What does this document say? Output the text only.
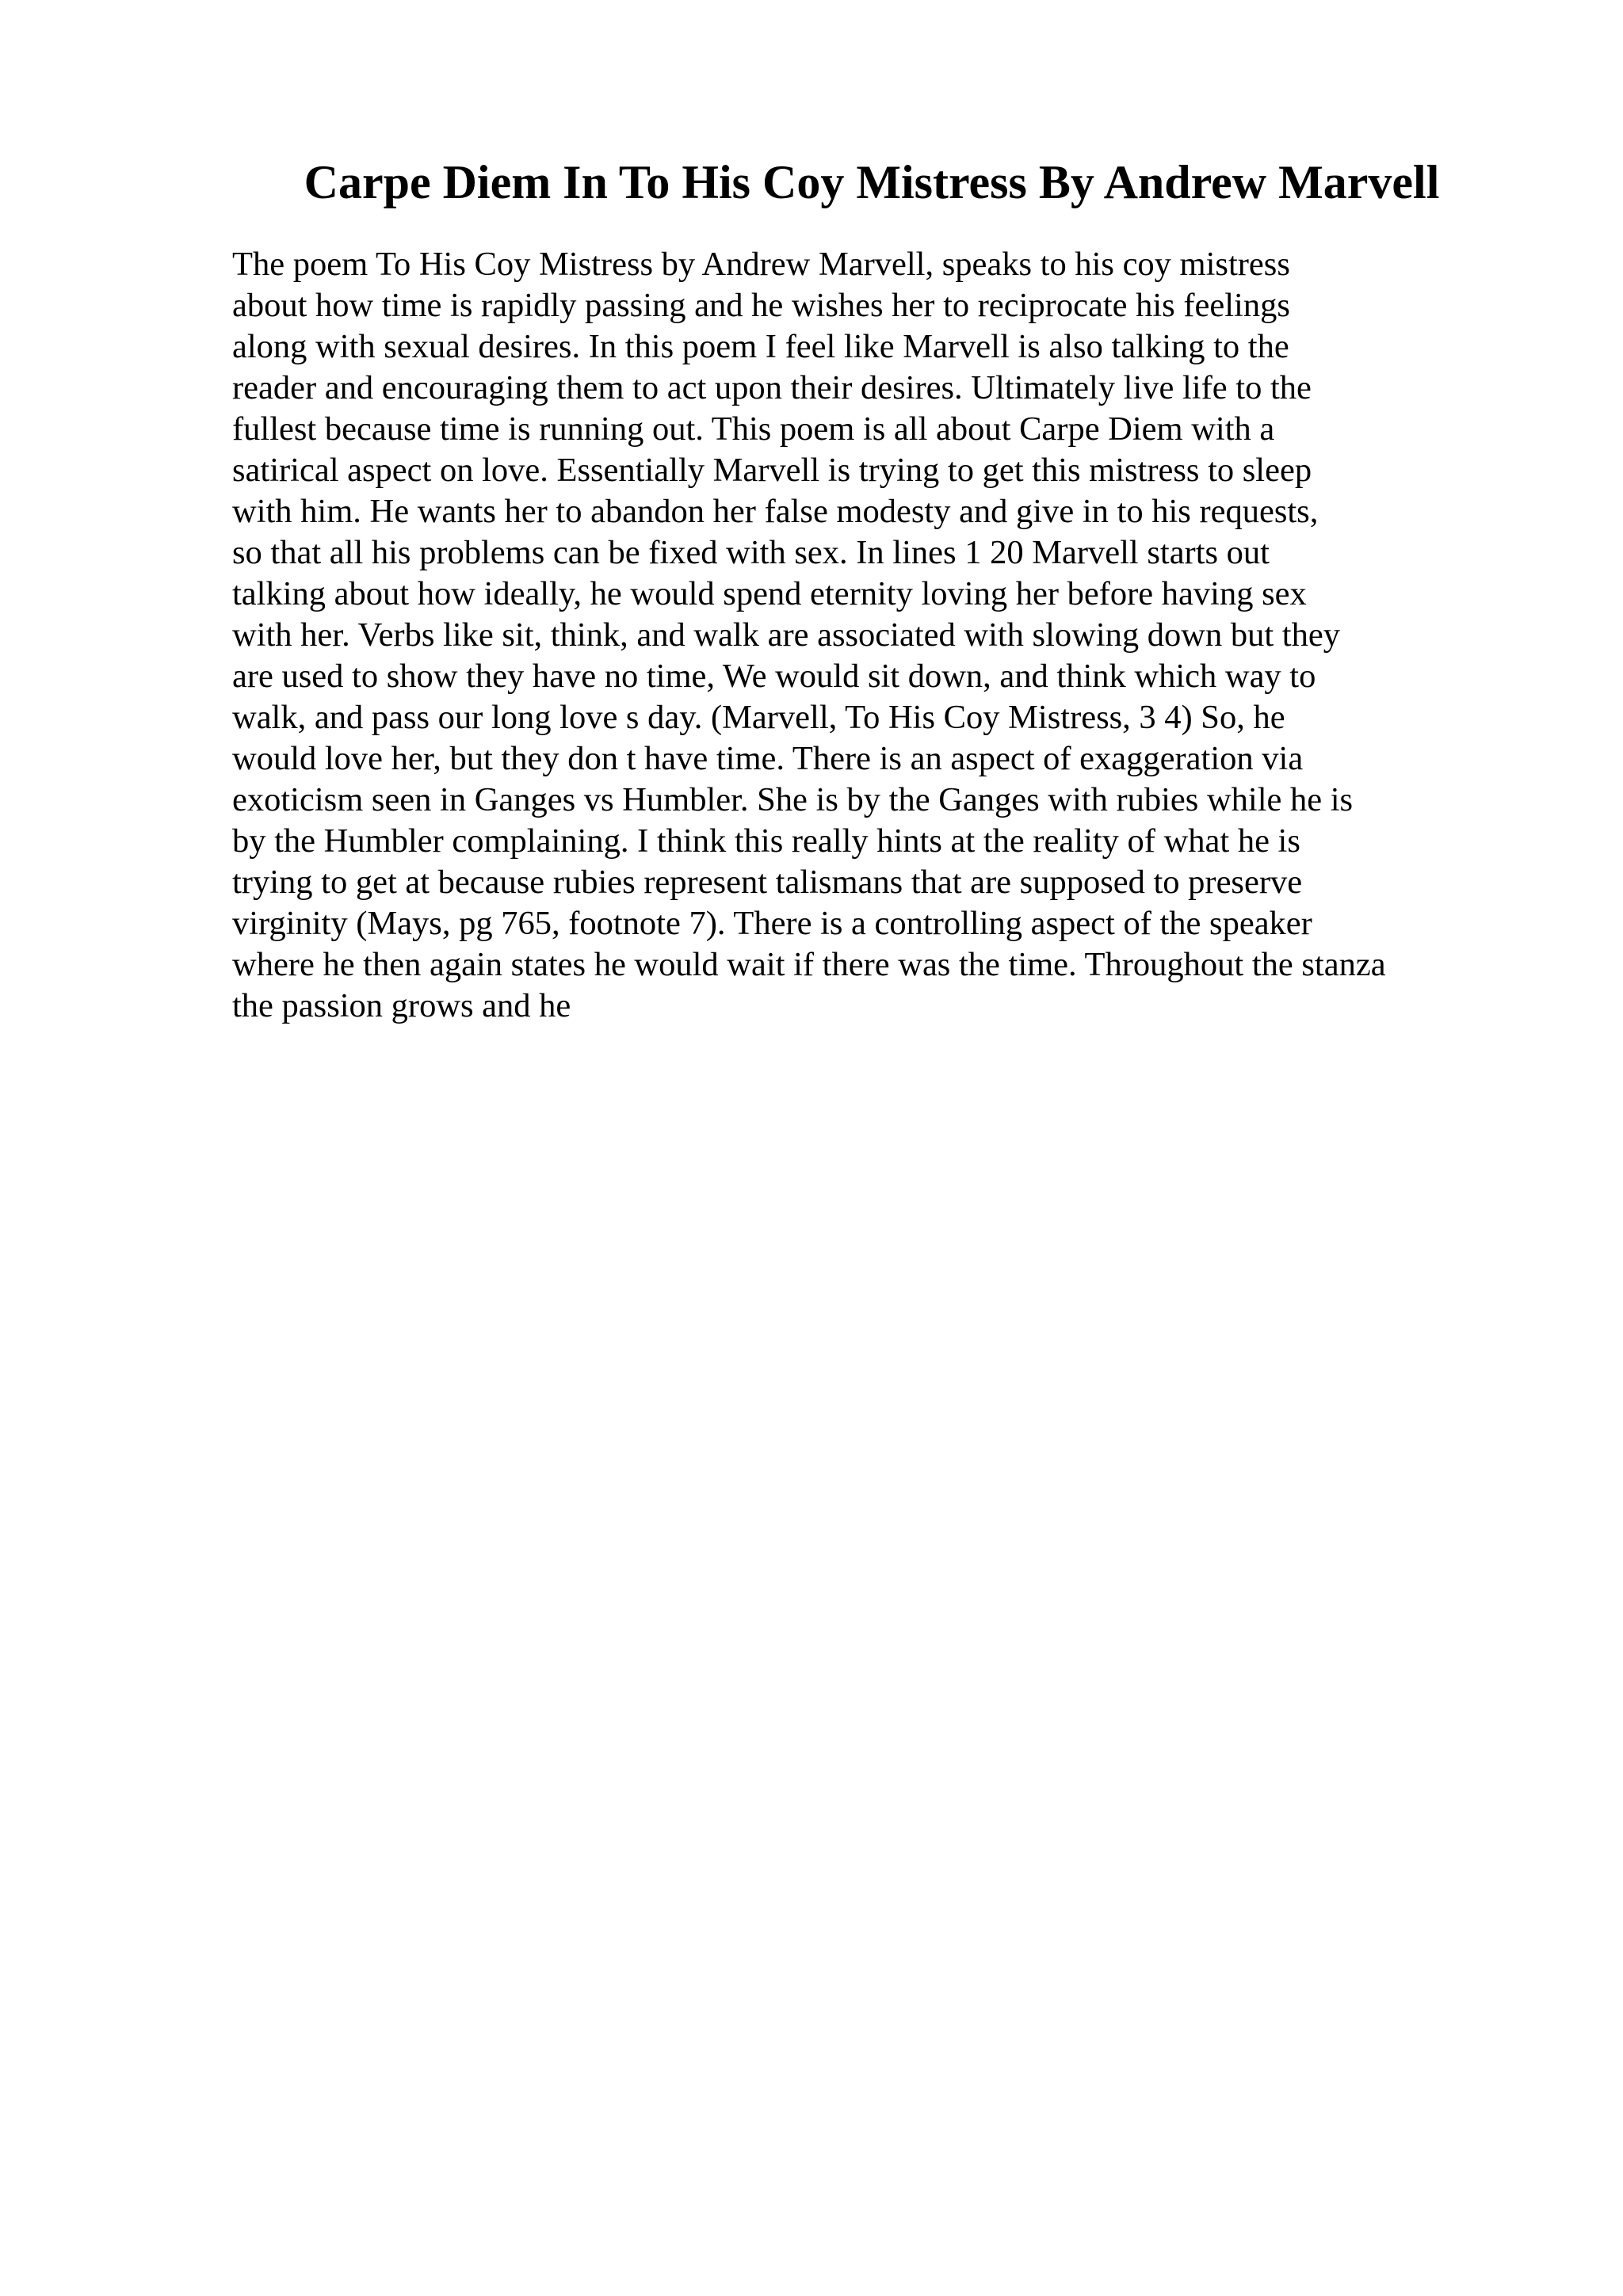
Carpe Diem In To His Coy Mistress By Andrew Marvell
The poem To His Coy Mistress by Andrew Marvell, speaks to his coy mistress
about how time is rapidly passing and he wishes her to reciprocate his feelings
along with sexual desires. In this poem I feel like Marvell is also talking to the
reader and encouraging them to act upon their desires. Ultimately live life to the
fullest because time is running out. This poem is all about Carpe Diem with a
satirical aspect on love. Essentially Marvell is trying to get this mistress to sleep
with him. He wants her to abandon her false modesty and give in to his requests,
so that all his problems can be fixed with sex. In lines 1 20 Marvell starts out
talking about how ideally, he would spend eternity loving her before having sex
with her. Verbs like sit, think, and walk are associated with slowing down but they
are used to show they have no time, We would sit down, and think which way to
walk, and pass our long love s day. (Marvell, To His Coy Mistress, 3 4) So, he
would love her, but they don t have time. There is an aspect of exaggeration via
exoticism seen in Ganges vs Humbler. She is by the Ganges with rubies while he is
by the Humbler complaining. I think this really hints at the reality of what he is
trying to get at because rubies represent talismans that are supposed to preserve
virginity (Mays, pg 765, footnote 7). There is a controlling aspect of the speaker
where he then again states he would wait if there was the time. Throughout the stanza
the passion grows and he
